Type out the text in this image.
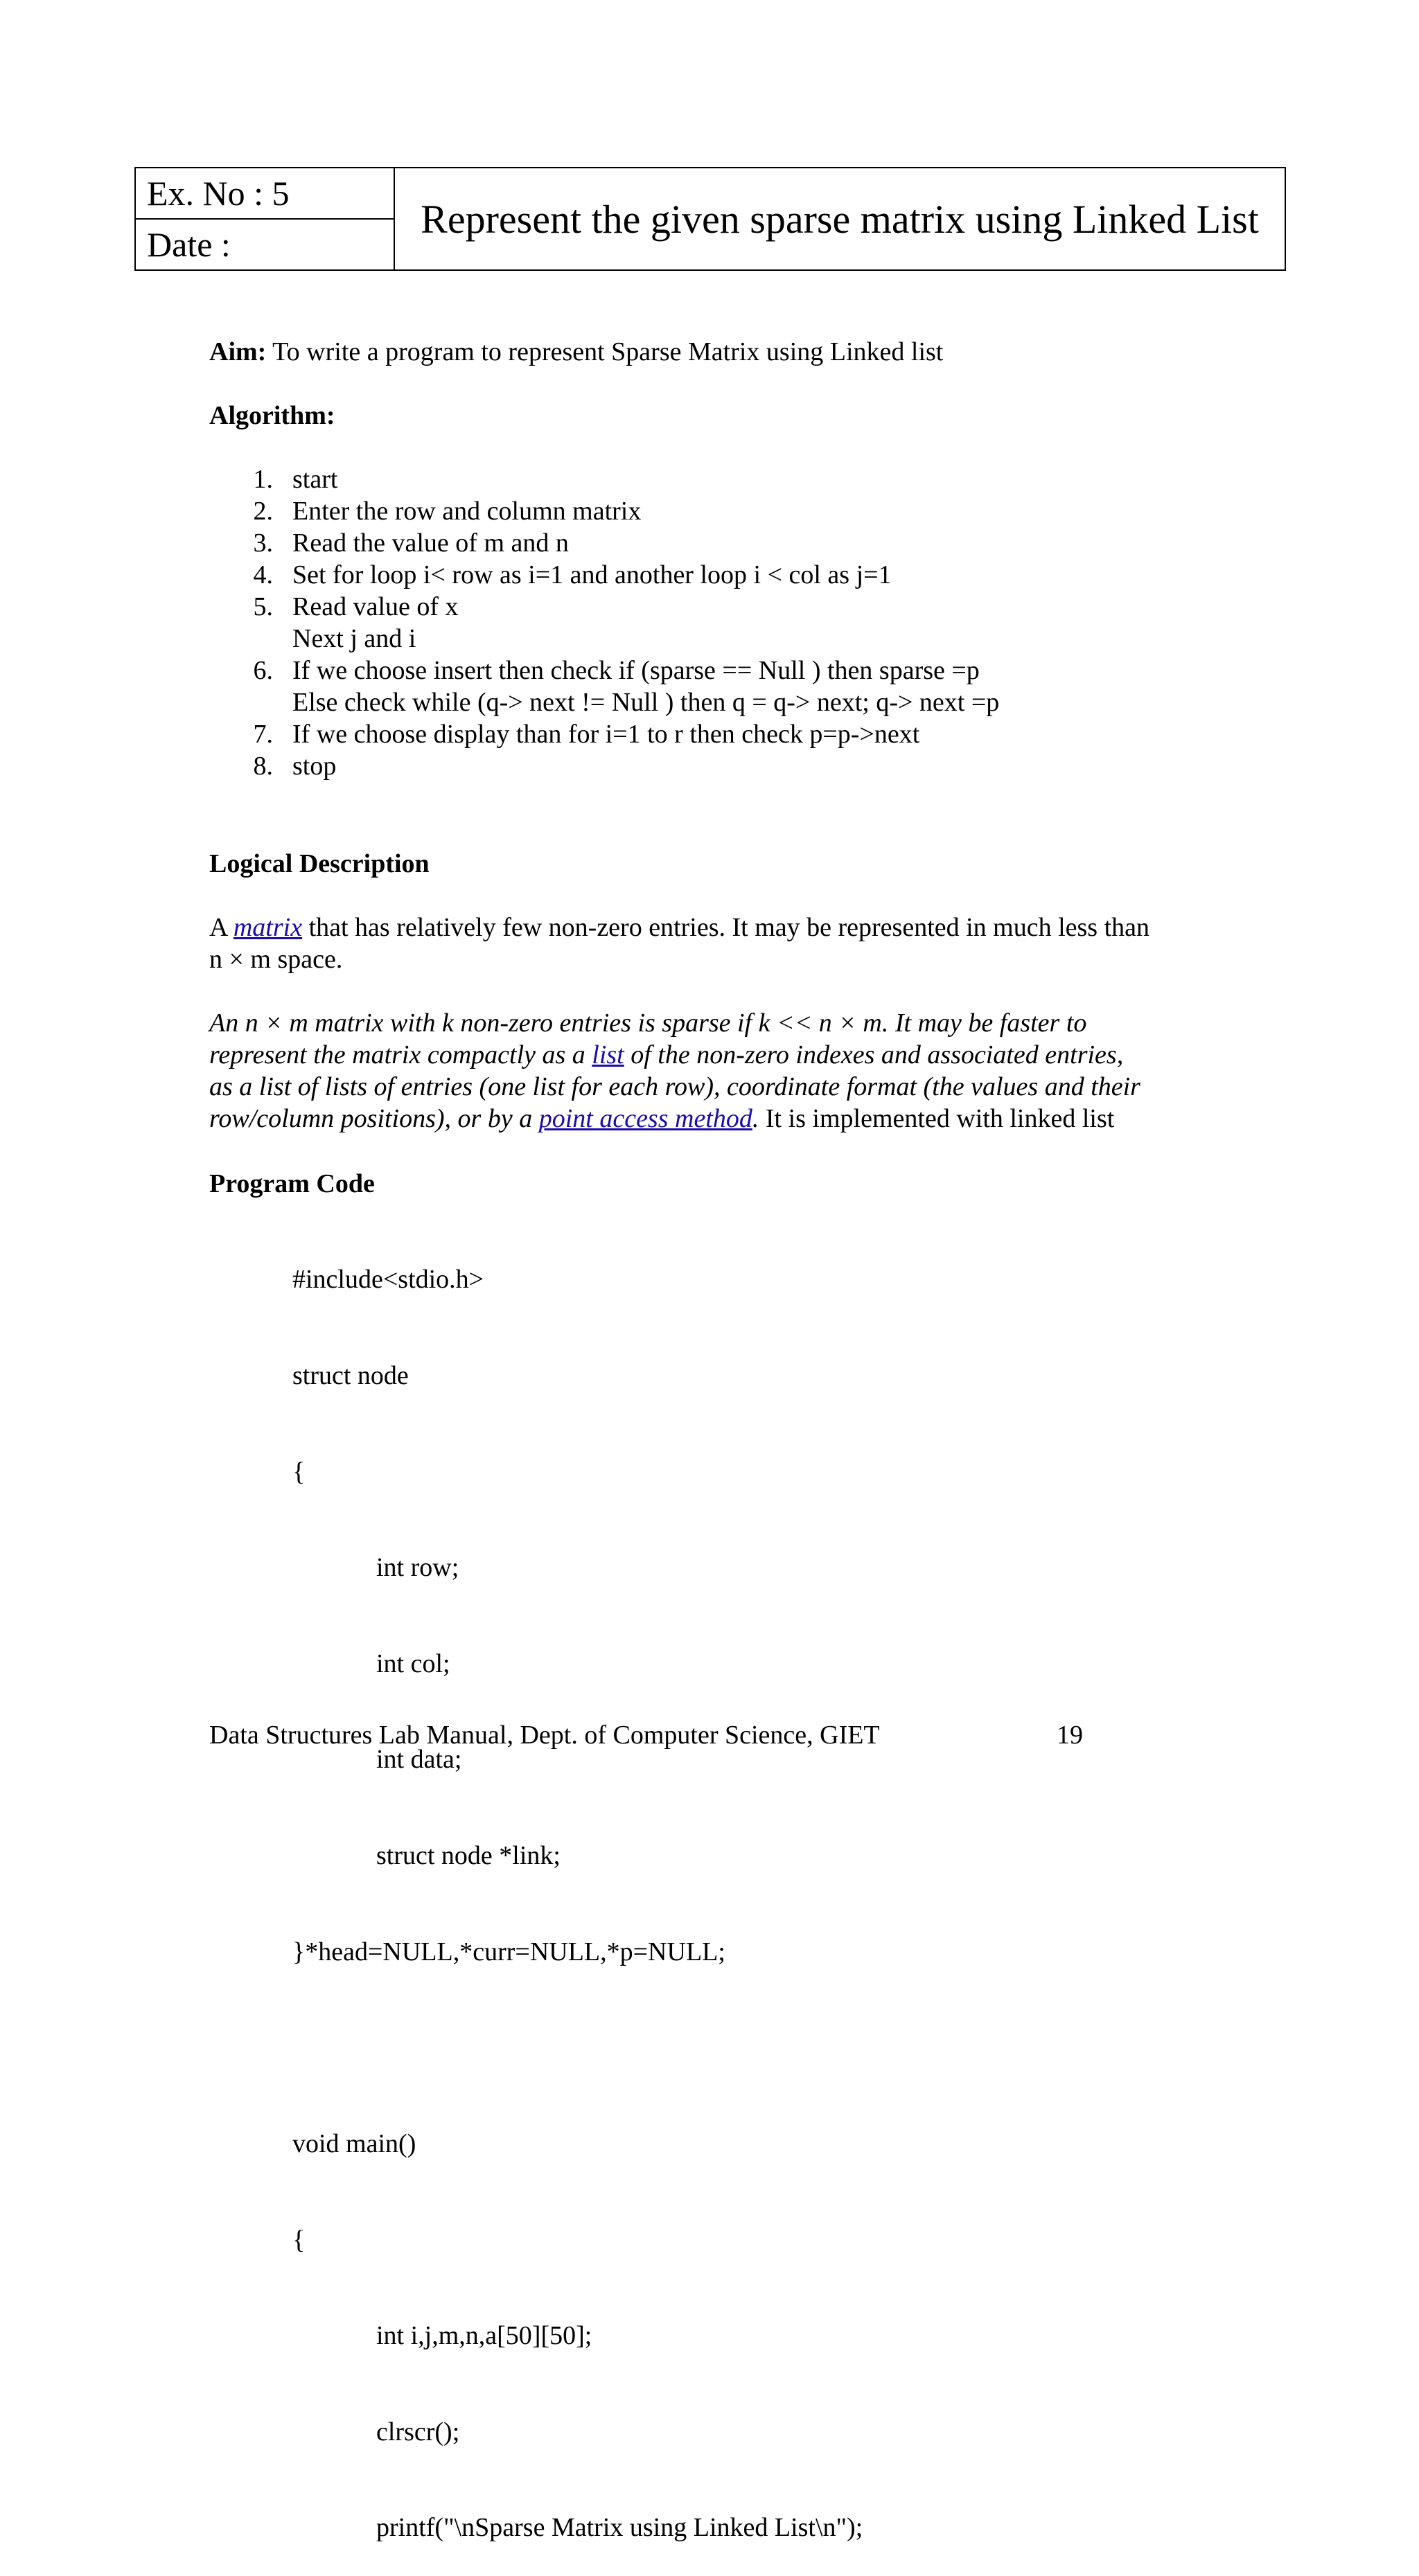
Ex. No : 5	Represent the given sparse matrix using Linked List
Date :
Aim: To write a program to represent Sparse Matrix using Linked list
Algorithm:
1. start
2. Enter the row and column matrix
3. Read the value of m and n
4. Set for loop i< row as i=1 and another loop i < col as j=1
5. Read value of x
Next j and i
6. If we choose insert then check if (sparse == Null ) then sparse =p
Else check while (q-> next != Null ) then q = q-> next; q-> next =p
7. If we choose display than for i=1 to r then check p=p->next
8. stop
Logical Description
A matrix that has relatively few non-zero entries. It may be represented in much less than
n × m space.
An n × m matrix with k non-zero entries is sparse if k << n × m. It may be faster to
represent the matrix compactly as a list of the non-zero indexes and associated entries,
as a list of lists of entries (one list for each row), coordinate format (the values and their
row/column positions), or by a point access method. It is implemented with linked list
Program Code

#include<stdio.h>

struct node

{

int row;

int col;

int data;

struct node *link;

}*head=NULL,*curr=NULL,*p=NULL;

void main()

{

int i,j,m,n,a[50][50];

clrscr();

printf("\nSparse Matrix using Linked List\n");

Data Structures Lab Manual, Dept. of Computer Science, GIET	19
